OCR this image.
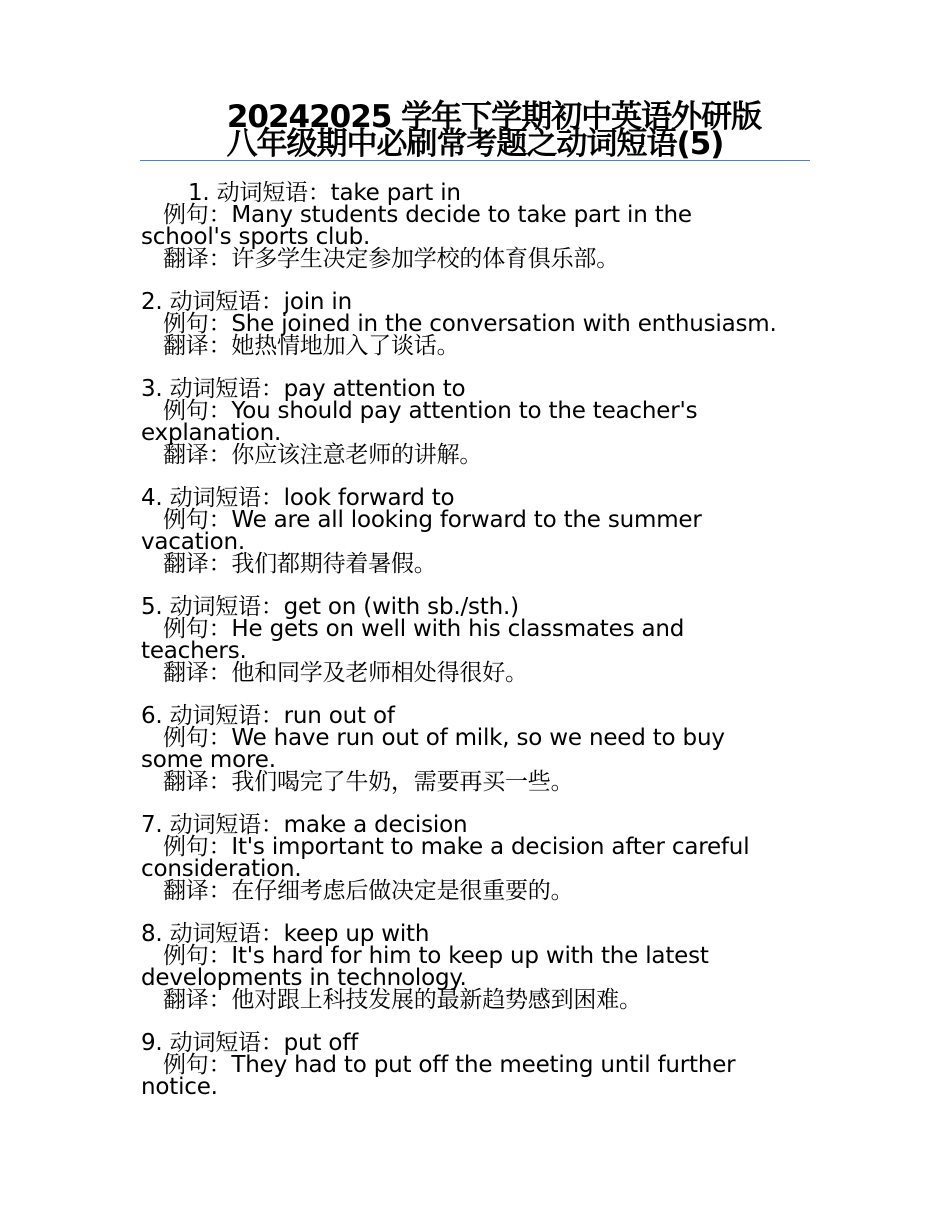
20242025 学年下学期初中英语外研版
八年级期中必刷常考题之动词短语(5)
1. 动词短语：take part in
例句：Many students decide to take part in the
school's sports club.
翻译：许多学生决定参加学校的体育俱乐部。
2. 动词短语：join in
例句：She joined in the conversation with enthusiasm.
翻译：她热情地加入了谈话。
3. 动词短语：pay attention to
例句：You should pay attention to the teacher's
explanation.
翻译：你应该注意老师的讲解。
4. 动词短语：look forward to
例句：We are all looking forward to the summer
vacation.
翻译：我们都期待着暑假。
5. 动词短语：get on (with sb./sth.)
例句：He gets on well with his classmates and
teachers.
翻译：他和同学及老师相处得很好。
6. 动词短语：run out of
例句：We have run out of milk, so we need to buy
some more.
翻译：我们喝完了牛奶，需要再买一些。
7. 动词短语：make a decision
例句：It's important to make a decision after careful
consideration.
翻译：在仔细考虑后做决定是很重要的。
8. 动词短语：keep up with
例句：It's hard for him to keep up with the latest
developments in technology.
翻译：他对跟上科技发展的最新趋势感到困难。
9. 动词短语：put off
例句：They had to put off the meeting until further
notice.
